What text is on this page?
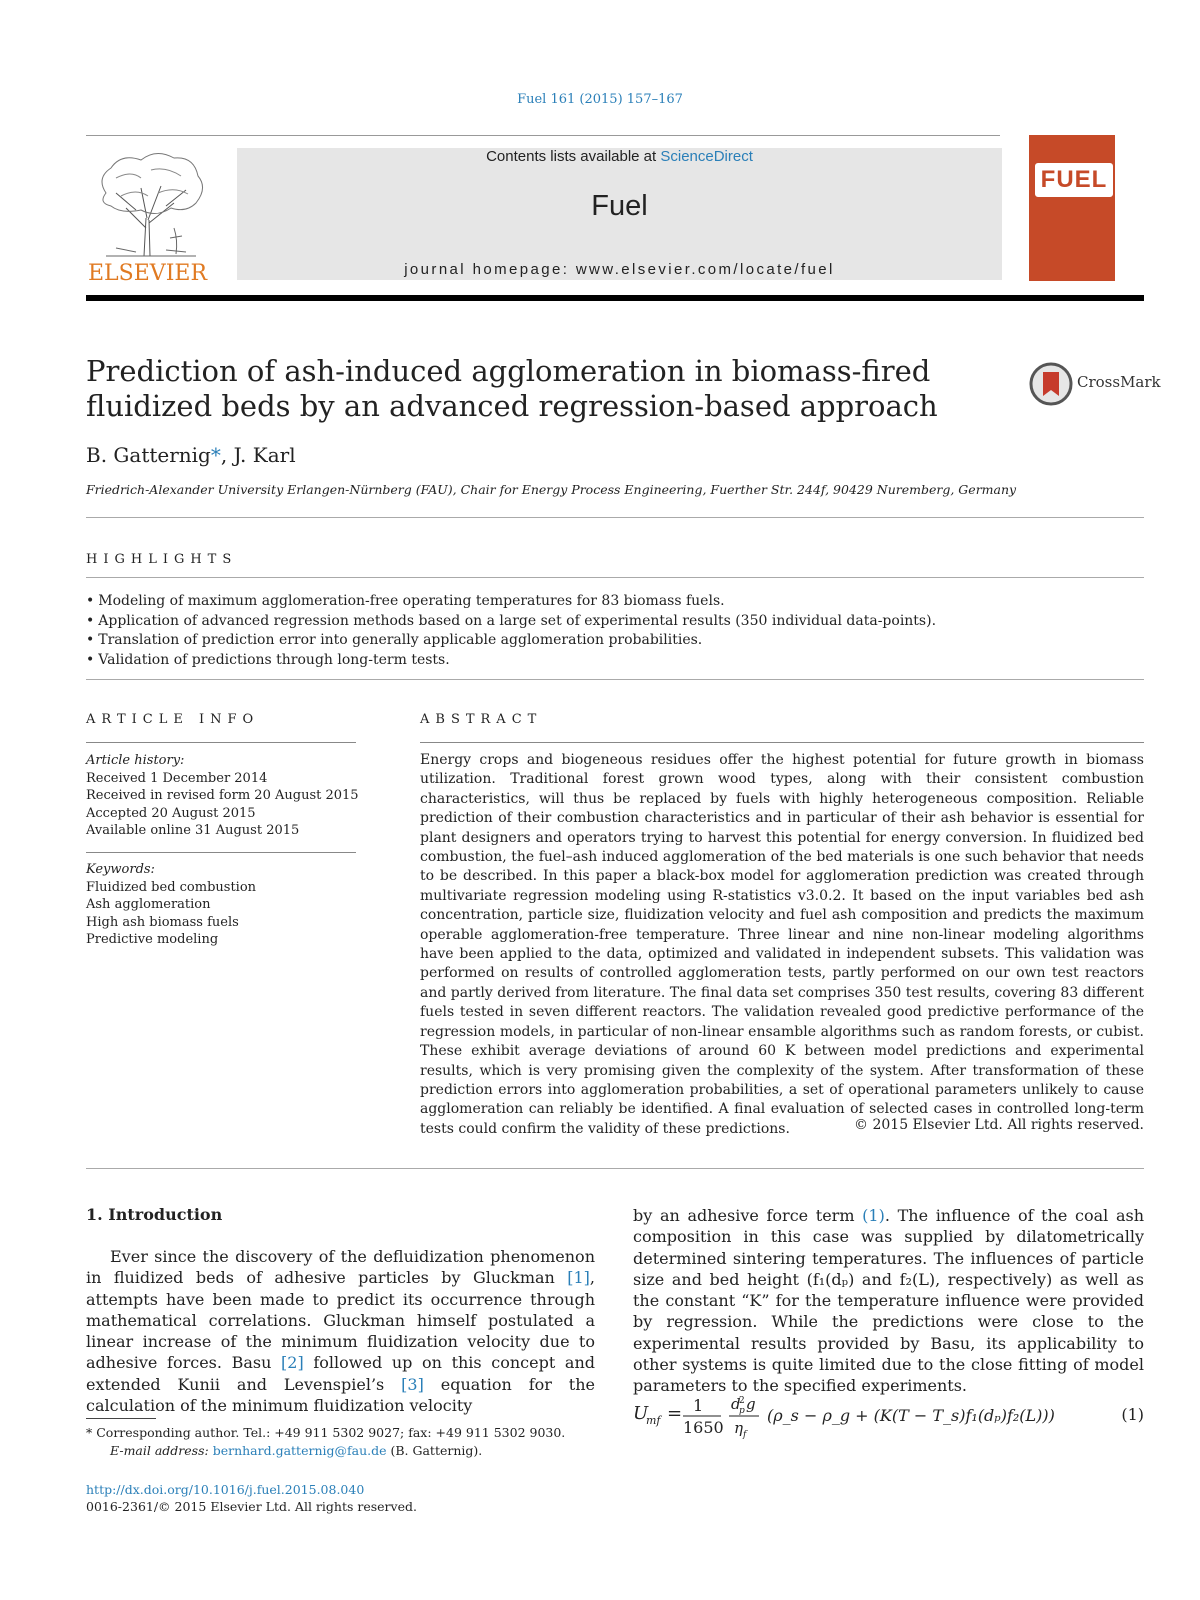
Fuel 161 (2015) 157–167
ELSEVIER
Contents lists available at ScienceDirect
Fuel
journal homepage: www.elsevier.com/locate/fuel
FUEL
Prediction of ash-induced agglomeration in biomass-fired fluidized beds by an advanced regression-based approach
CrossMark
B. Gatternig*, J. Karl
Friedrich-Alexander University Erlangen-Nürnberg (FAU), Chair for Energy Process Engineering, Fuerther Str. 244f, 90429 Nuremberg, Germany
HIGHLIGHTS
• Modeling of maximum agglomeration-free operating temperatures for 83 biomass fuels.
• Application of advanced regression methods based on a large set of experimental results (350 individual data-points).
• Translation of prediction error into generally applicable agglomeration probabilities.
• Validation of predictions through long-term tests.
ARTICLE INFO	ABSTRACT
Article history:
Received 1 December 2014
Received in revised form 20 August 2015
Accepted 20 August 2015
Available online 31 August 2015
Keywords:
Fluidized bed combustion
Ash agglomeration
High ash biomass fuels
Predictive modeling
Energy crops and biogeneous residues offer the highest potential for future growth in biomass utilization. Traditional forest grown wood types, along with their consistent combustion characteristics, will thus be replaced by fuels with highly heterogeneous composition. Reliable prediction of their combustion characteristics and in particular of their ash behavior is essential for plant designers and operators trying to harvest this potential for energy conversion. In fluidized bed combustion, the fuel–ash induced agglomeration of the bed materials is one such behavior that needs to be described. In this paper a black-box model for agglomeration prediction was created through multivariate regression modeling using R-statistics v3.0.2. It based on the input variables bed ash concentration, particle size, fluidization velocity and fuel ash composition and predicts the maximum operable agglomeration-free temperature. Three linear and nine non-linear modeling algorithms have been applied to the data, optimized and validated in independent subsets. This validation was performed on results of controlled agglomeration tests, partly performed on our own test reactors and partly derived from literature. The final data set comprises 350 test results, covering 83 different fuels tested in seven different reactors. The validation revealed good predictive performance of the regression models, in particular of non-linear ensamble algorithms such as random forests, or cubist. These exhibit average deviations of around 60 K between model predictions and experimental results, which is very promising given the complexity of the system. After transformation of these prediction errors into agglomeration probabilities, a set of operational parameters unlikely to cause agglomeration can reliably be identified. A final evaluation of selected cases in controlled long-term tests could confirm the validity of these predictions.	© 2015 Elsevier Ltd. All rights reserved.
1. Introduction
Ever since the discovery of the defluidization phenomenon in fluidized beds of adhesive particles by Gluckman [1], attempts have been made to predict its occurrence through mathematical correlations. Gluckman himself postulated a linear increase of the minimum fluidization velocity due to adhesive forces. Basu [2] followed up on this concept and extended Kunii and Levenspiel’s [3] equation for the calculation of the minimum fluidization velocity
by an adhesive force term (1). The influence of the coal ash composition in this case was supplied by dilatometrically determined sintering temperatures. The influences of particle size and bed height (f₁(dₚ) and f₂(L), respectively) as well as the constant “K” for the temperature influence were provided by regression. While the predictions were close to the experimental results provided by Basu, its applicability to other systems is quite limited due to the close fitting of model parameters to the specified experiments.
U
mf = 1
1650
d
2
p g
η f
(ρ_s − ρ_g + (K(T − T_s)f₁(dₚ)f₂(L)))	(1)
* Corresponding author. Tel.: +49 911 5302 9027; fax: +49 911 5302 9030.
E-mail address: bernhard.gatternig@fau.de (B. Gatternig).
http://dx.doi.org/10.1016/j.fuel.2015.08.040
0016-2361/© 2015 Elsevier Ltd. All rights reserved.
